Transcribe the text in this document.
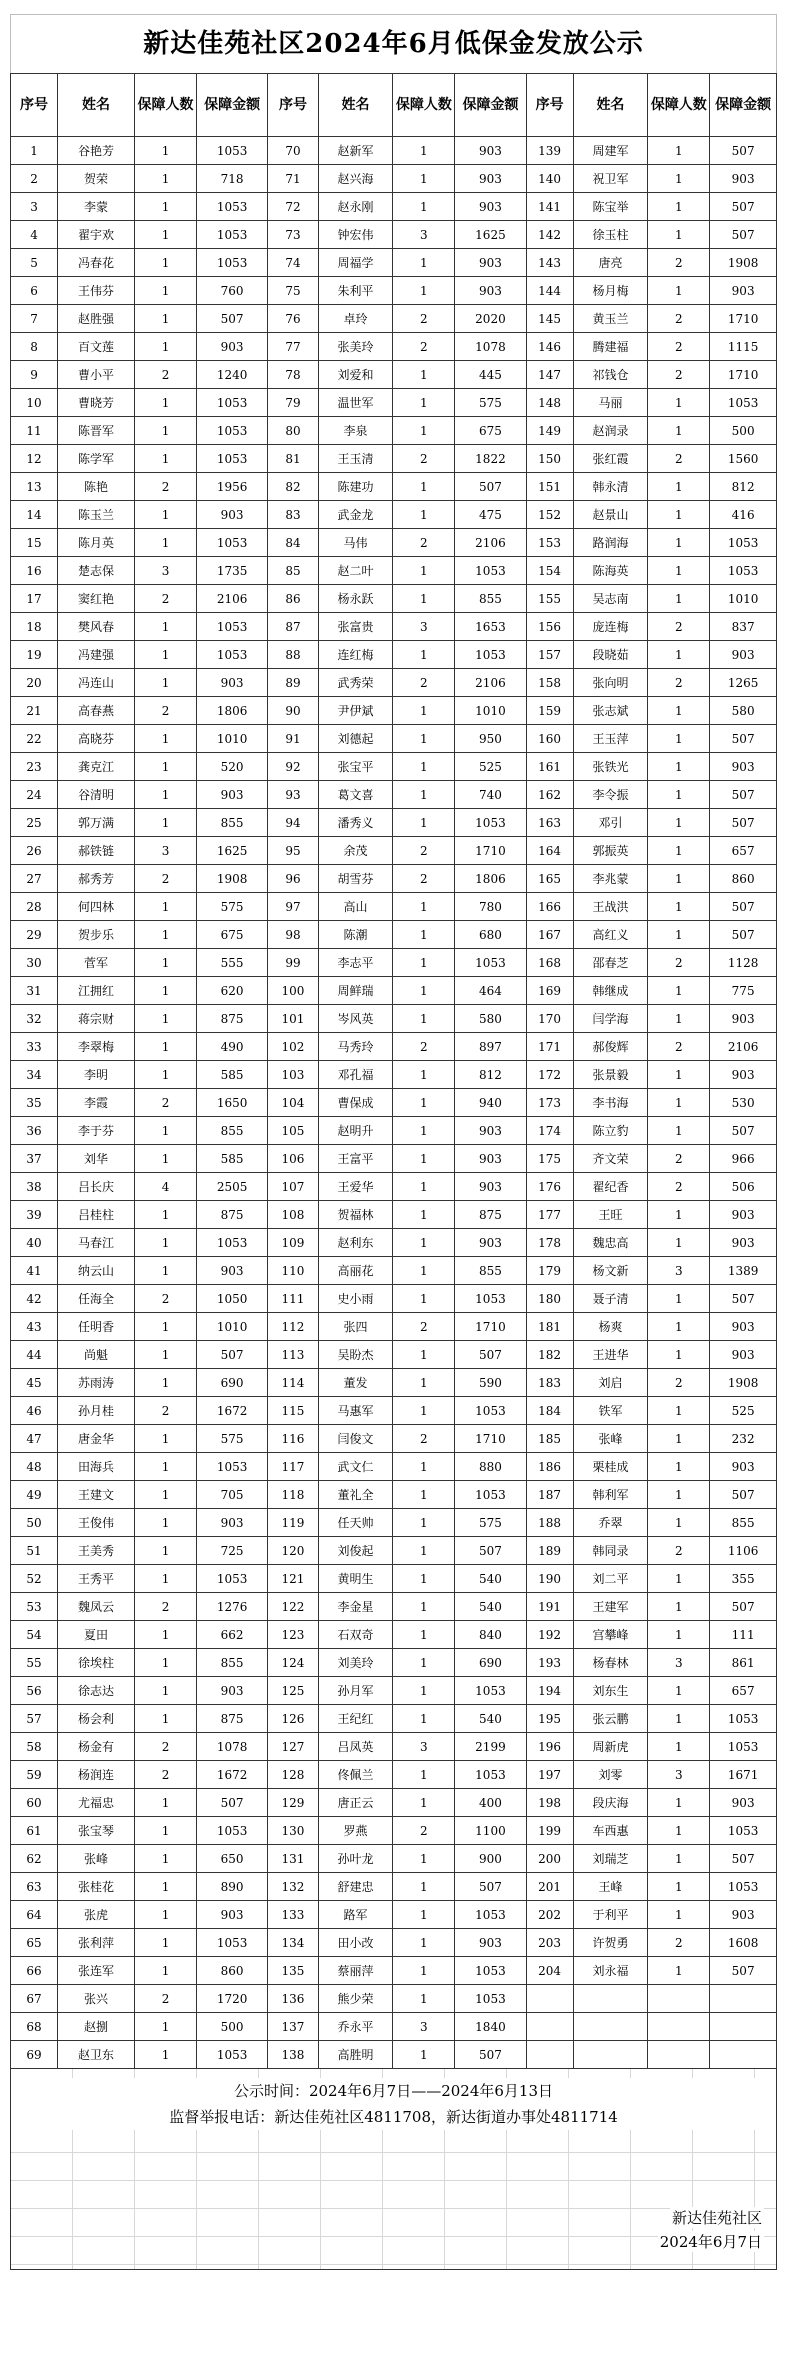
新达佳苑社区2024年6月低保金发放公示
序号	姓名	保障人数	保障金额	序号	姓名	保障人数	保障金额	序号	姓名	保障人数	保障金额
1	谷艳芳	1	1053	70	赵新军	1	903	139	周建军	1	507
2	贺荣	1	718	71	赵兴海	1	903	140	祝卫军	1	903
3	李蒙	1	1053	72	赵永刚	1	903	141	陈宝举	1	507
4	翟宇欢	1	1053	73	钟宏伟	3	1625	142	徐玉柱	1	507
5	冯春花	1	1053	74	周福学	1	903	143	唐亮	2	1908
6	王伟芬	1	760	75	朱利平	1	903	144	杨月梅	1	903
7	赵胜强	1	507	76	卓玲	2	2020	145	黄玉兰	2	1710
8	百文莲	1	903	77	张美玲	2	1078	146	腾建福	2	1115
9	曹小平	2	1240	78	刘爱和	1	445	147	祁钱仓	2	1710
10	曹晓芳	1	1053	79	温世军	1	575	148	马丽	1	1053
11	陈晋军	1	1053	80	李泉	1	675	149	赵润录	1	500
12	陈学军	1	1053	81	王玉清	2	1822	150	张红霞	2	1560
13	陈艳	2	1956	82	陈建功	1	507	151	韩永清	1	812
14	陈玉兰	1	903	83	武金龙	1	475	152	赵景山	1	416
15	陈月英	1	1053	84	马伟	2	2106	153	路润海	1	1053
16	楚志保	3	1735	85	赵二叶	1	1053	154	陈海英	1	1053
17	窦红艳	2	2106	86	杨永跃	1	855	155	吴志南	1	1010
18	樊风春	1	1053	87	张富贵	3	1653	156	庞连梅	2	837
19	冯建强	1	1053	88	连红梅	1	1053	157	段晓茹	1	903
20	冯连山	1	903	89	武秀荣	2	2106	158	张向明	2	1265
21	高春燕	2	1806	90	尹伊斌	1	1010	159	张志斌	1	580
22	高晓芬	1	1010	91	刘德起	1	950	160	王玉萍	1	507
23	龚克江	1	520	92	张宝平	1	525	161	张铁光	1	903
24	谷清明	1	903	93	葛文喜	1	740	162	李令振	1	507
25	郭万满	1	855	94	潘秀义	1	1053	163	邓引	1	507
26	郝铁链	3	1625	95	余茂	2	1710	164	郭振英	1	657
27	郝秀芳	2	1908	96	胡雪芬	2	1806	165	李兆蒙	1	860
28	何四林	1	575	97	高山	1	780	166	王战洪	1	507
29	贺步乐	1	675	98	陈潮	1	680	167	高红义	1	507
30	菅军	1	555	99	李志平	1	1053	168	邵春芝	2	1128
31	江拥红	1	620	100	周鲜瑞	1	464	169	韩继成	1	775
32	蒋宗财	1	875	101	岑风英	1	580	170	闫学海	1	903
33	李翠梅	1	490	102	马秀玲	2	897	171	郝俊辉	2	2106
34	李明	1	585	103	邓孔福	1	812	172	张景毅	1	903
35	李霞	2	1650	104	曹保成	1	940	173	李书海	1	530
36	李于芬	1	855	105	赵明升	1	903	174	陈立豹	1	507
37	刘华	1	585	106	王富平	1	903	175	齐文荣	2	966
38	吕长庆	4	2505	107	王爱华	1	903	176	翟纪香	2	506
39	吕桂柱	1	875	108	贺福林	1	875	177	王旺	1	903
40	马春江	1	1053	109	赵利东	1	903	178	魏忠高	1	903
41	纳云山	1	903	110	高丽花	1	855	179	杨文新	3	1389
42	任海全	2	1050	111	史小雨	1	1053	180	聂子清	1	507
43	任明香	1	1010	112	张四	2	1710	181	杨爽	1	903
44	尚魁	1	507	113	吴盼杰	1	507	182	王进华	1	903
45	苏雨涛	1	690	114	董发	1	590	183	刘启	2	1908
46	孙月桂	2	1672	115	马惠军	1	1053	184	铁军	1	525
47	唐金华	1	575	116	闫俊文	2	1710	185	张峰	1	232
48	田海兵	1	1053	117	武文仁	1	880	186	栗桂成	1	903
49	王建文	1	705	118	董礼全	1	1053	187	韩利军	1	507
50	王俊伟	1	903	119	任天帅	1	575	188	乔翠	1	855
51	王美秀	1	725	120	刘俊起	1	507	189	韩同录	2	1106
52	王秀平	1	1053	121	黄明生	1	540	190	刘二平	1	355
53	魏凤云	2	1276	122	李金星	1	540	191	王建军	1	507
54	夏田	1	662	123	石双奇	1	840	192	宫攀峰	1	111
55	徐埃柱	1	855	124	刘美玲	1	690	193	杨春林	3	861
56	徐志达	1	903	125	孙月军	1	1053	194	刘东生	1	657
57	杨会利	1	875	126	王纪红	1	540	195	张云鹏	1	1053
58	杨金有	2	1078	127	吕凤英	3	2199	196	周新虎	1	1053
59	杨润连	2	1672	128	佟佩兰	1	1053	197	刘零	3	1671
60	尤福忠	1	507	129	唐正云	1	400	198	段庆海	1	903
61	张宝琴	1	1053	130	罗燕	2	1100	199	车西惠	1	1053
62	张峰	1	650	131	孙叶龙	1	900	200	刘瑞芝	1	507
63	张桂花	1	890	132	舒建忠	1	507	201	王峰	1	1053
64	张虎	1	903	133	路军	1	1053	202	于利平	1	903
65	张利萍	1	1053	134	田小改	1	903	203	许贺勇	2	1608
66	张连军	1	860	135	蔡丽萍	1	1053	204	刘永福	1	507
67	张兴	2	1720	136	熊少荣	1	1053				
68	赵捌	1	500	137	乔永平	3	1840				
69	赵卫东	1	1053	138	高胜明	1	507				
公示时间：2024年6月7日——2024年6月13日
监督举报电话：新达佳苑社区4811708，新达街道办事处4811714
新达佳苑社区
2024年6月7日
